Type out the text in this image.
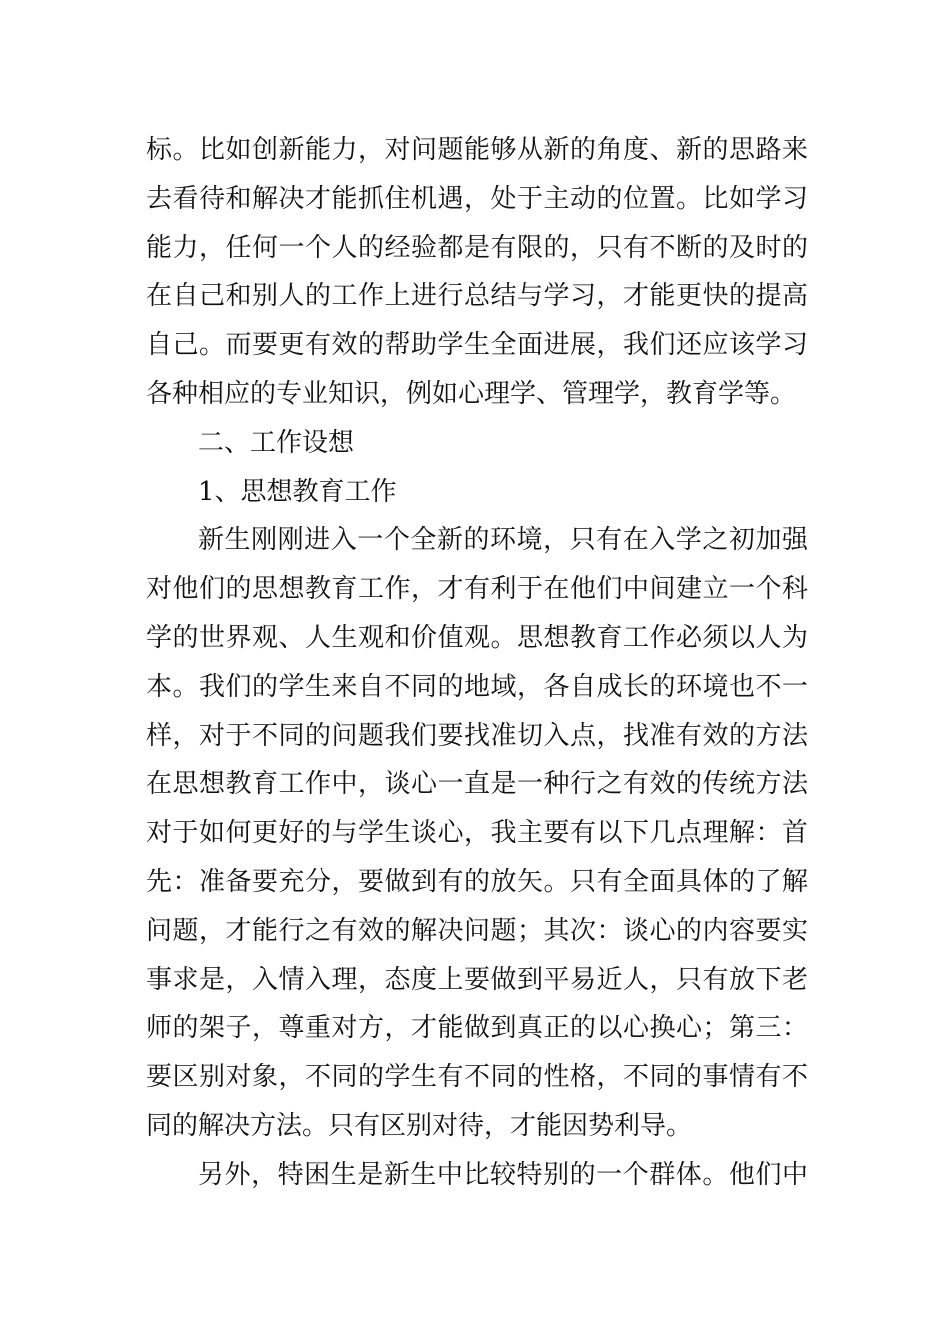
标。比如创新能力，对问题能够从新的角度、新的思路来
去看待和解决才能抓住机遇，处于主动的位置。比如学习
能力，任何一个人的经验都是有限的，只有不断的及时的
在自己和别人的工作上进行总结与学习，才能更快的提高
自己。而要更有效的帮助学生全面进展，我们还应该学习
各种相应的专业知识，例如心理学、管理学，教育学等。
二、工作设想
1、思想教育工作
新生刚刚进入一个全新的环境，只有在入学之初加强
对他们的思想教育工作，才有利于在他们中间建立一个科
学的世界观、人生观和价值观。思想教育工作必须以人为
本。我们的学生来自不同的地域，各自成长的环境也不一
样，对于不同的问题我们要找准切入点，找准有效的方法
在思想教育工作中，谈心一直是一种行之有效的传统方法
对于如何更好的与学生谈心，我主要有以下几点理解：首
先：准备要充分，要做到有的放矢。只有全面具体的了解
问题，才能行之有效的解决问题；其次：谈心的内容要实
事求是，入情入理，态度上要做到平易近人，只有放下老
师的架子，尊重对方，才能做到真正的以心换心；第三：
要区别对象，不同的学生有不同的性格，不同的事情有不
同的解决方法。只有区别对待，才能因势利导。
另外，特困生是新生中比较特别的一个群体。他们中
